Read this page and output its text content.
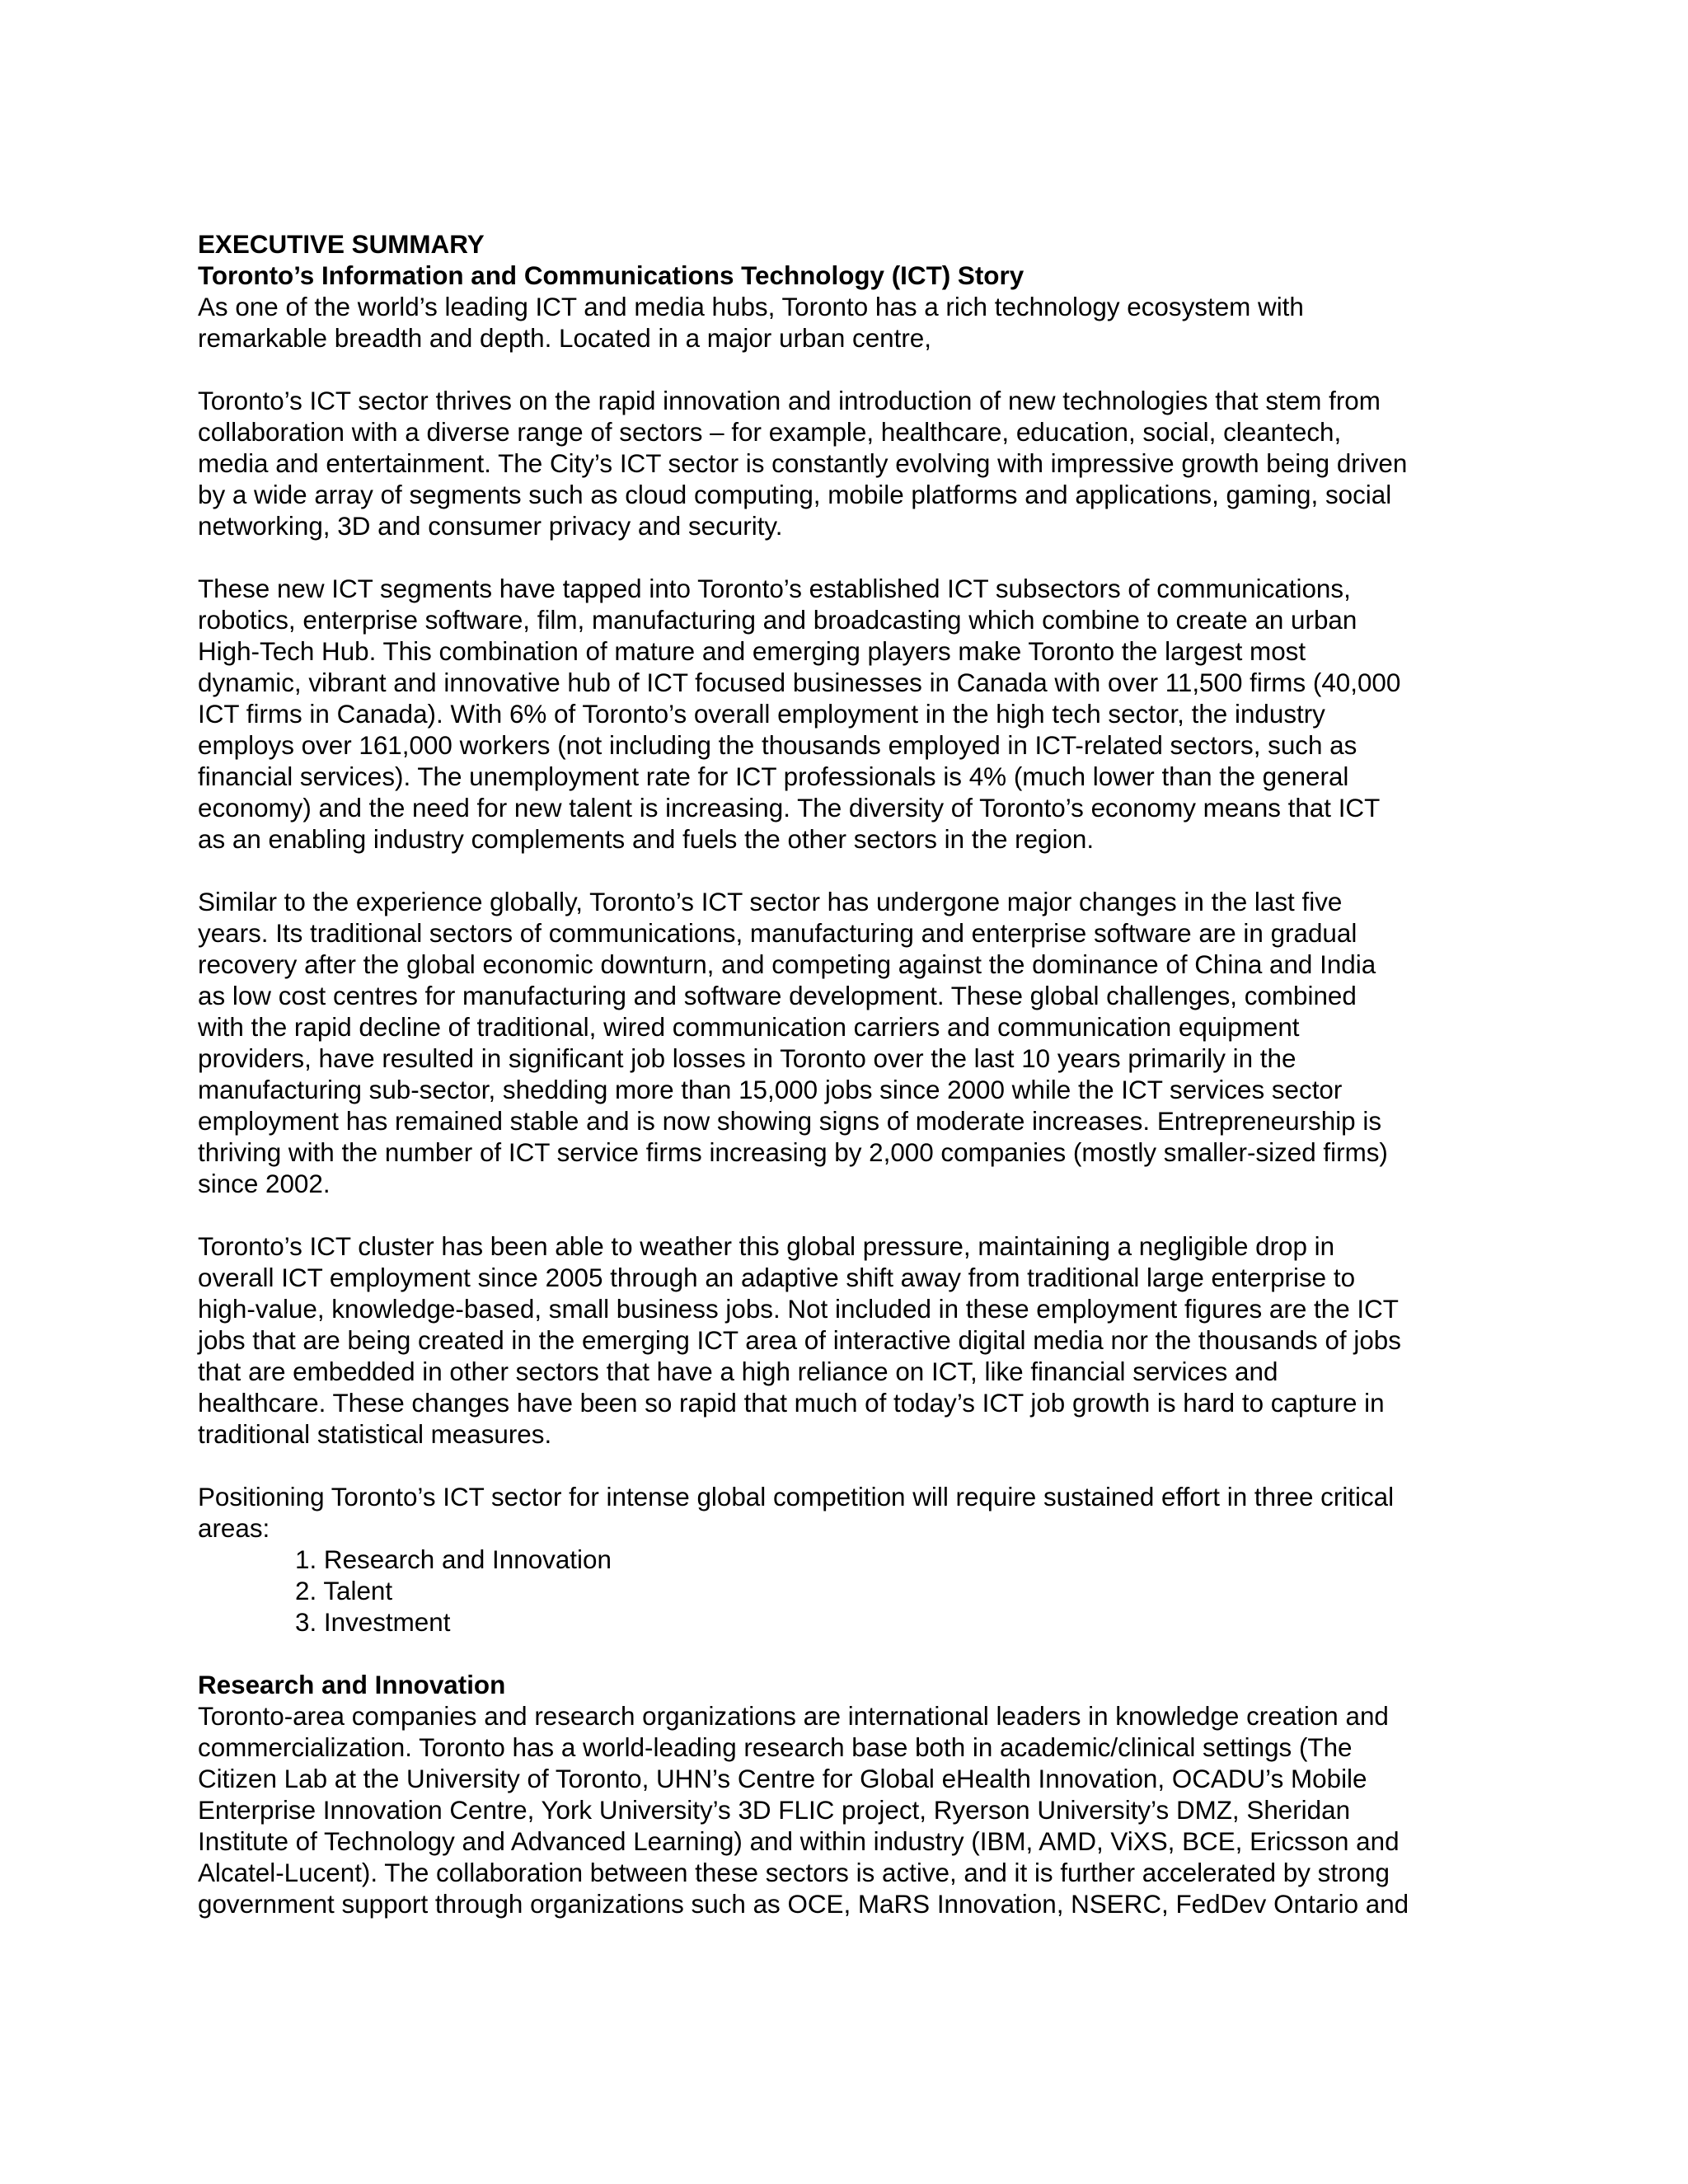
EXECUTIVE SUMMARY

Toronto’s Information and Communications Technology (ICT) Story

As one of the world’s leading ICT and media hubs, Toronto has a rich technology ecosystem with
remarkable breadth and depth. Located in a major urban centre,

Toronto’s ICT sector thrives on the rapid innovation and introduction of new technologies that stem from
collaboration with a diverse range of sectors – for example, healthcare, education, social, cleantech,
media and entertainment. The City’s ICT sector is constantly evolving with impressive growth being driven
by a wide array of segments such as cloud computing, mobile platforms and applications, gaming, social
networking, 3D and consumer privacy and security.

These new ICT segments have tapped into Toronto’s established ICT subsectors of communications,
robotics, enterprise software, film, manufacturing and broadcasting which combine to create an urban
High-Tech Hub. This combination of mature and emerging players make Toronto the largest most
dynamic, vibrant and innovative hub of ICT focused businesses in Canada with over 11,500 firms (40,000
ICT firms in Canada). With 6% of Toronto’s overall employment in the high tech sector, the industry
employs over 161,000 workers (not including the thousands employed in ICT-related sectors, such as
financial services). The unemployment rate for ICT professionals is 4% (much lower than the general
economy) and the need for new talent is increasing. The diversity of Toronto’s economy means that ICT
as an enabling industry complements and fuels the other sectors in the region.

Similar to the experience globally, Toronto’s ICT sector has undergone major changes in the last five
years. Its traditional sectors of communications, manufacturing and enterprise software are in gradual
recovery after the global economic downturn, and competing against the dominance of China and India
as low cost centres for manufacturing and software development. These global challenges, combined
with the rapid decline of traditional, wired communication carriers and communication equipment
providers, have resulted in significant job losses in Toronto over the last 10 years primarily in the
manufacturing sub-sector, shedding more than 15,000 jobs since 2000 while the ICT services sector
employment has remained stable and is now showing signs of moderate increases. Entrepreneurship is
thriving with the number of ICT service firms increasing by 2,000 companies (mostly smaller-sized firms)
since 2002.

Toronto’s ICT cluster has been able to weather this global pressure, maintaining a negligible drop in
overall ICT employment since 2005 through an adaptive shift away from traditional large enterprise to
high-value, knowledge-based, small business jobs. Not included in these employment figures are the ICT
jobs that are being created in the emerging ICT area of interactive digital media nor the thousands of jobs
that are embedded in other sectors that have a high reliance on ICT, like financial services and
healthcare. These changes have been so rapid that much of today’s ICT job growth is hard to capture in
traditional statistical measures.

Positioning Toronto’s ICT sector for intense global competition will require sustained effort in three critical
areas:

1. Research and Innovation
2. Talent
3. Investment

Research and Innovation

Toronto-area companies and research organizations are international leaders in knowledge creation and
commercialization. Toronto has a world-leading research base both in academic/clinical settings (The
Citizen Lab at the University of Toronto, UHN’s Centre for Global eHealth Innovation, OCADU’s Mobile
Enterprise Innovation Centre, York University’s 3D FLIC project, Ryerson University’s DMZ, Sheridan
Institute of Technology and Advanced Learning) and within industry (IBM, AMD, ViXS, BCE, Ericsson and
Alcatel-Lucent). The collaboration between these sectors is active, and it is further accelerated by strong
government support through organizations such as OCE, MaRS Innovation, NSERC, FedDev Ontario and
